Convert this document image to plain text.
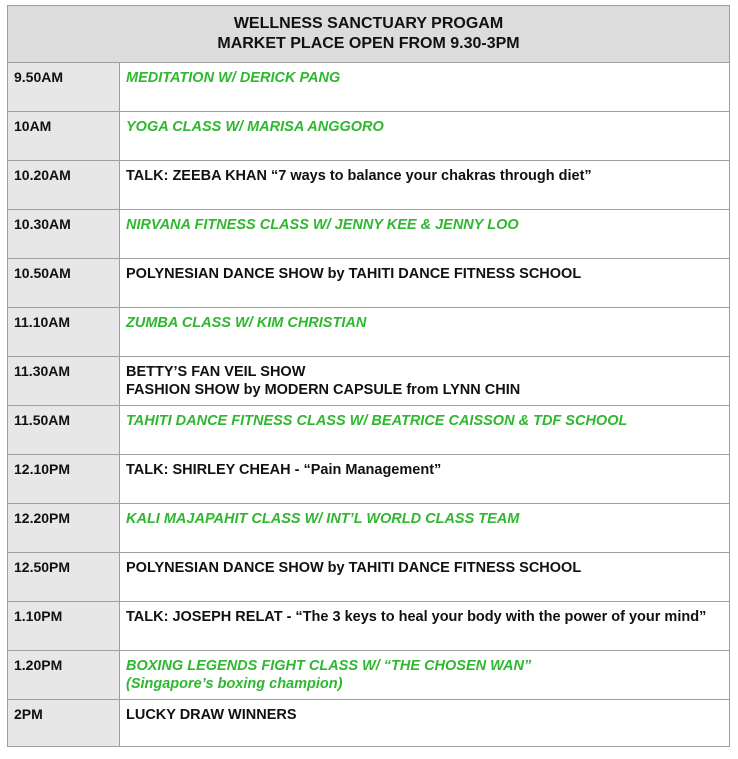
WELLNESS SANCTUARY PROGAM
MARKET PLACE OPEN FROM 9.30-3PM	

9.50AM	MEDITATION W/ DERICK PANG

10AM	YOGA CLASS W/ MARISA ANGGORO

10.20AM	TALK: ZEEBA KHAN “7 ways to balance your chakras through diet”

10.30AM	NIRVANA FITNESS CLASS W/ JENNY KEE & JENNY LOO

10.50AM	POLYNESIAN DANCE SHOW by TAHITI DANCE FITNESS SCHOOL

11.10AM	ZUMBA CLASS W/ KIM CHRISTIAN

11.30AM	BETTY’S FAN VEIL SHOW
FASHION SHOW by MODERN CAPSULE from LYNN CHIN

11.50AM	TAHITI DANCE FITNESS CLASS W/ BEATRICE CAISSON & TDF SCHOOL

12.10PM	TALK: SHIRLEY CHEAH - “Pain Management”

12.20PM	KALI MAJAPAHIT CLASS W/ INT’L WORLD CLASS TEAM

12.50PM	POLYNESIAN DANCE SHOW by TAHITI DANCE FITNESS SCHOOL

1.10PM	TALK: JOSEPH RELAT - “The 3 keys to heal your body with the power of your mind”

1.20PM	BOXING LEGENDS FIGHT CLASS W/ “THE CHOSEN WAN”
(Singapore’s boxing champion)

2PM	LUCKY DRAW WINNERS
